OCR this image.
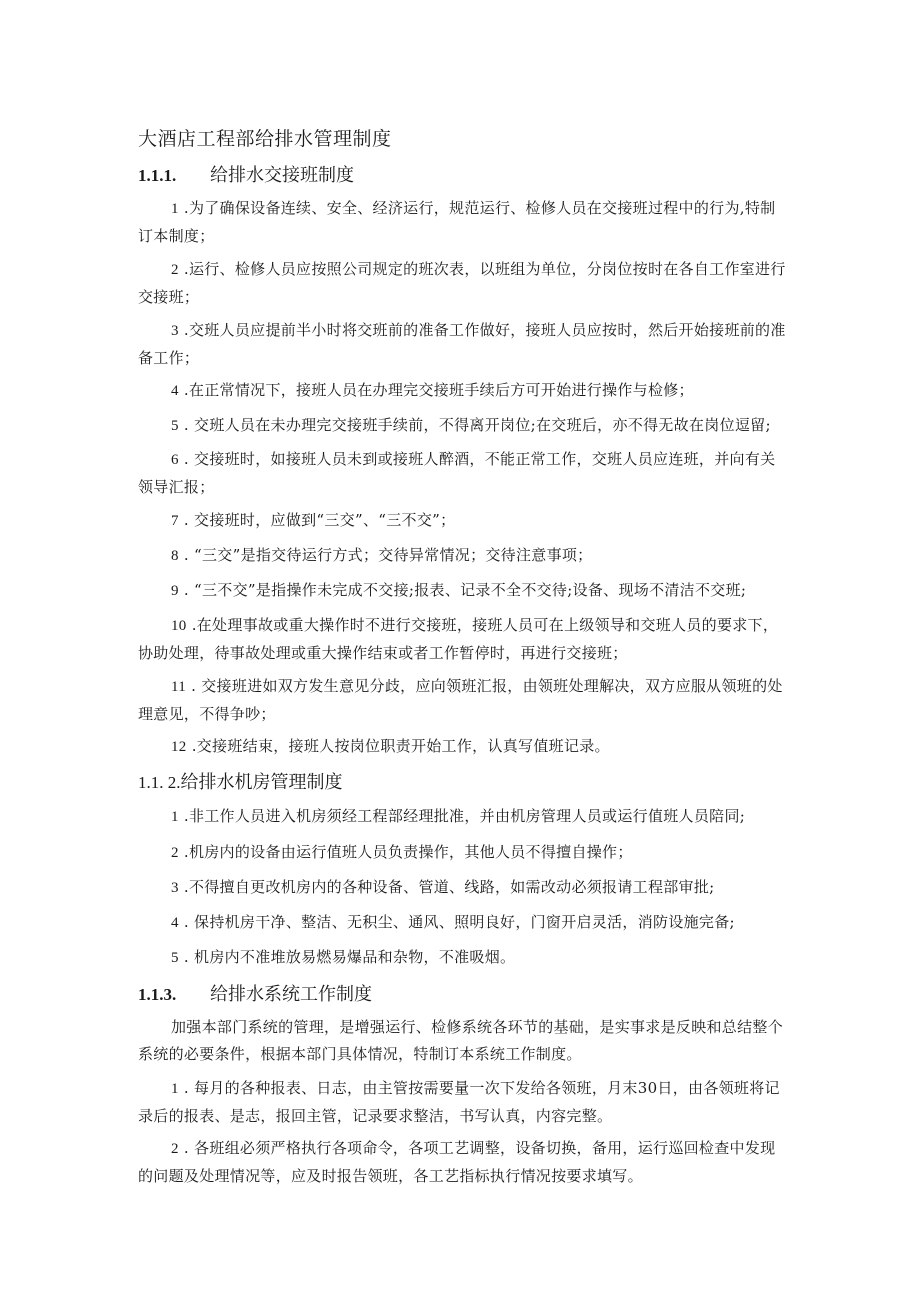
大酒店工程部给排水管理制度
1.1.1. 给排水交接班制度
1 .为了确保设备连续、安全、经济运行，规范运行、检修人员在交接班过程中的行为,特制订本制度；
2 .运行、检修人员应按照公司规定的班次表，以班组为单位，分岗位按时在各自工作室进行交接班；
3 .交班人员应提前半小时将交班前的准备工作做好，接班人员应按时，然后开始接班前的准备工作；
4 .在正常情况下，接班人员在办理完交接班手续后方可开始进行操作与检修；
5 . 交班人员在未办理完交接班手续前，不得离开岗位;在交班后，亦不得无故在岗位逗留;
6 . 交接班时，如接班人员未到或接班人醉酒，不能正常工作，交班人员应连班，并向有关领导汇报；
7 . 交接班时，应做到“三交”、“三不交”；
8 . “三交”是指交待运行方式；交待异常情况；交待注意事项；
9 . “三不交”是指操作未完成不交接;报表、记录不全不交待;设备、现场不清洁不交班;
10 .在处理事故或重大操作时不进行交接班，接班人员可在上级领导和交班人员的要求下，协助处理，待事故处理或重大操作结束或者工作暂停时，再进行交接班；
11 . 交接班进如双方发生意见分歧，应向领班汇报，由领班处理解决，双方应服从领班的处理意见，不得争吵；
12 .交接班结束，接班人按岗位职责开始工作，认真写值班记录。
1.1. 2.给排水机房管理制度
1 .非工作人员进入机房须经工程部经理批准，并由机房管理人员或运行值班人员陪同;
2 .机房内的设备由运行值班人员负责操作，其他人员不得擅自操作；
3 .不得擅自更改机房内的各种设备、管道、线路，如需改动必须报请工程部审批;
4 . 保持机房干净、整洁、无积尘、通风、照明良好，门窗开启灵活，消防设施完备;
5 . 机房内不准堆放易燃易爆品和杂物，不准吸烟。
1.1.3. 给排水系统工作制度
加强本部门系统的管理，是增强运行、检修系统各环节的基础，是实事求是反映和总结整个系统的必要条件，根据本部门具体情况，特制订本系统工作制度。
1 . 每月的各种报表、日志，由主管按需要量一次下发给各领班，月末30日，由各领班将记录后的报表、是志，报回主管，记录要求整洁，书写认真，内容完整。
2 . 各班组必须严格执行各项命令，各项工艺调整，设备切换，备用，运行巡回检查中发现的问题及处理情况等，应及时报告领班，各工艺指标执行情况按要求填写。
